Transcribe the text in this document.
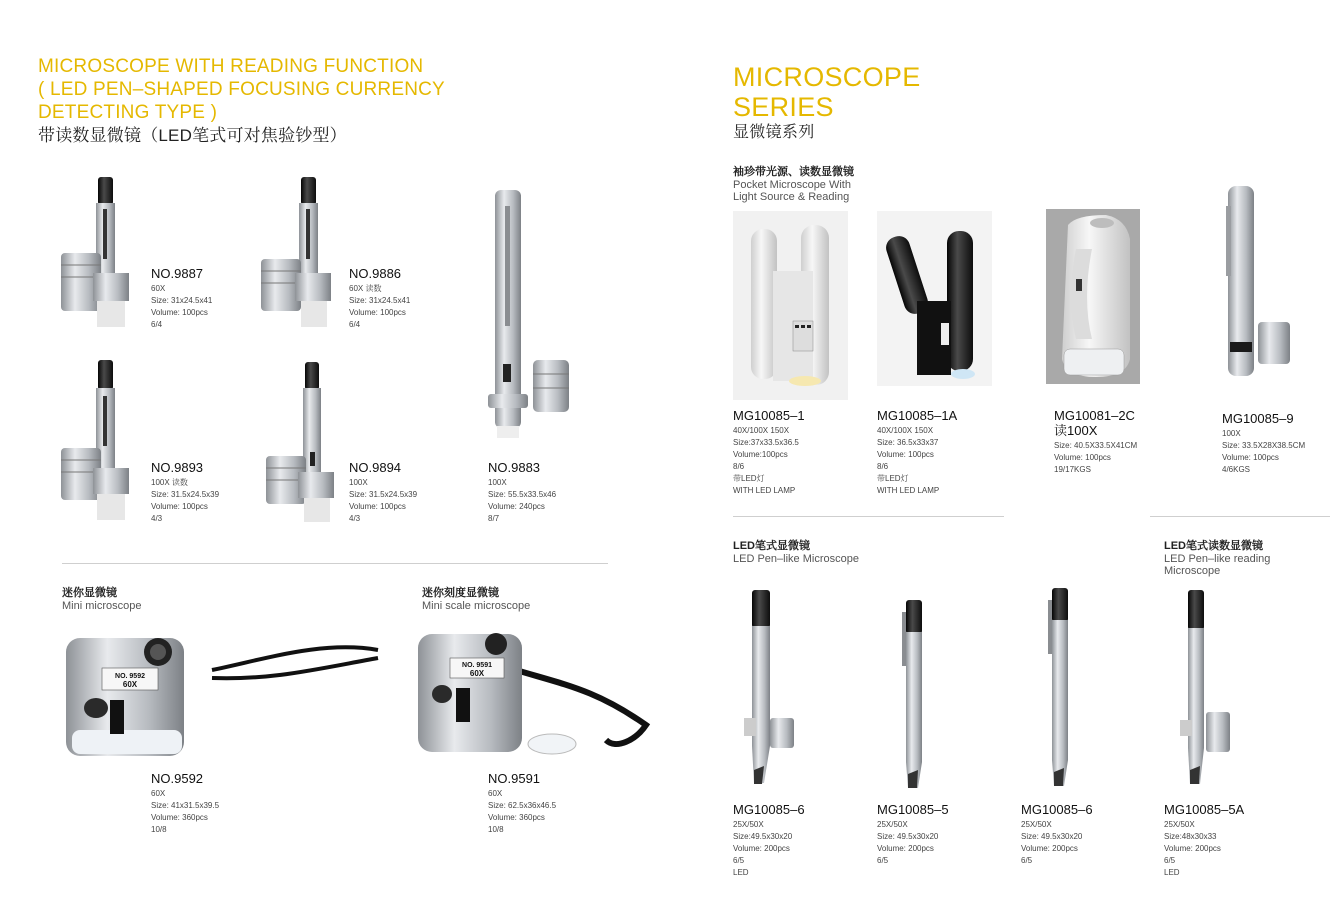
MICROSCOPE WITH READING FUNCTION
( LED PEN–SHAPED FOCUSING CURRENCY
DETECTING TYPE )
带读数显微镜（LED笔式可对焦验钞型）
MICROSCOPE
SERIES
显微镜系列
NO.9887
60X
Size: 31x24.5x41
Volume: 100pcs
6/4
NO.9886
60X 读数
Size: 31x24.5x41
Volume: 100pcs
6/4
NO.9893
100X 读数
Size: 31.5x24.5x39
Volume: 100pcs
4/3
NO.9894
100X
Size: 31.5x24.5x39
Volume: 100pcs
4/3
NO.9883
100X
Size: 55.5x33.5x46
Volume: 240pcs
8/7
迷你显微镜
Mini microscope
NO. 9592
60X
NO.9592
60X
Size: 41x31.5x39.5
Volume: 360pcs
10/8
迷你刻度显微镜
Mini scale microscope
NO. 9591
60X
NO.9591
60X
Size: 62.5x36x46.5
Volume: 360pcs
10/8
袖珍带光源、读数显微镜
Pocket Microscope With
Light Source & Reading
MG10085–1
40X/100X 150X
Size:37x33.5x36.5
Volume:100pcs
8/6
带LED灯
WITH LED LAMP
MG10085–1A
40X/100X 150X
Size: 36.5x33x37
Volume: 100pcs
8/6
带LED灯
WITH LED LAMP
MG10081–2C
读100X
Size: 40.5X33.5X41CM
Volume: 100pcs
19/17KGS
MG10085–9
100X
Size: 33.5X28X38.5CM
Volume: 100pcs
4/6KGS
LED笔式显微镜
LED Pen–like Microscope
LED笔式读数显微镜
LED Pen–like reading
Microscope
MG10085–6
25X/50X
Size:49.5x30x20
Volume: 200pcs
6/5
LED
MG10085–5
25X/50X
Size: 49.5x30x20
Volume: 200pcs
6/5
MG10085–6
25X/50X
Size: 49.5x30x20
Volume: 200pcs
6/5
MG10085–5A
25X/50X
Size:48x30x33
Volume: 200pcs
6/5
LED
